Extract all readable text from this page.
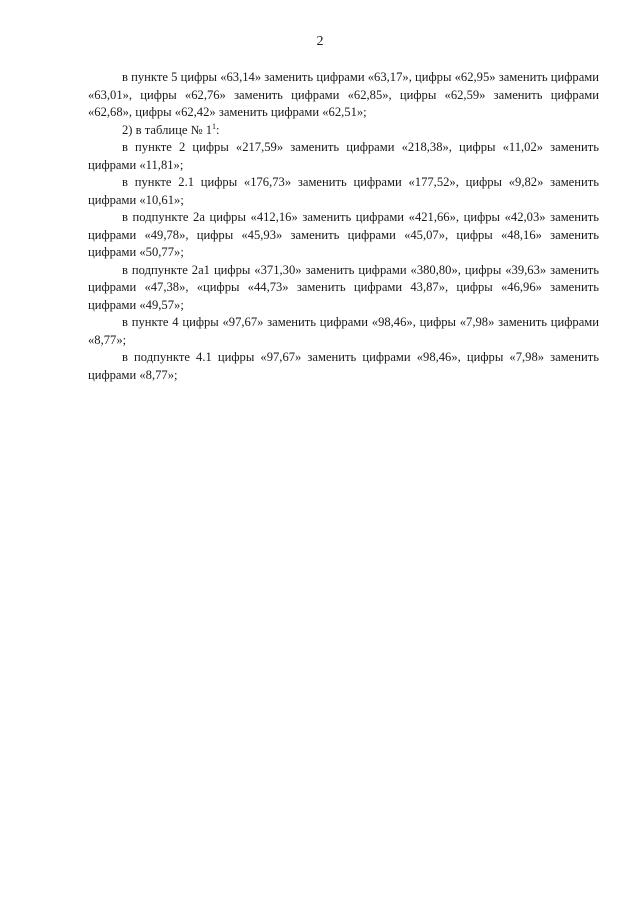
2

в пункте 5 цифры «63,14» заменить цифрами «63,17», цифры «62,95» заменить цифрами «63,01», цифры «62,76» заменить цифрами «62,85», цифры «62,59» заменить цифрами «62,68», цифры «62,42» заменить цифрами «62,51»;

2) в таблице № $1^1$:

в пункте 2 цифры «217,59» заменить цифрами «218,38», цифры «11,02» заменить цифрами «11,81»;

в пункте 2.1 цифры «176,73» заменить цифрами «177,52», цифры «9,82» заменить цифрами «10,61»;

в подпункте 2а цифры «412,16» заменить цифрами «421,66», цифры «42,03» заменить цифрами «49,78», цифры «45,93» заменить цифрами «45,07», цифры «48,16» заменить цифрами «50,77»;

в подпункте 2а1 цифры «371,30» заменить цифрами «380,80», цифры «39,63» заменить цифрами «47,38», «цифры «44,73» заменить цифрами 43,87», цифры «46,96» заменить цифрами «49,57»;

в пункте 4 цифры «97,67» заменить цифрами «98,46», цифры «7,98» заменить цифрами «8,77»;

в подпункте 4.1 цифры «97,67» заменить цифрами «98,46», цифры «7,98» заменить цифрами «8,77»;
